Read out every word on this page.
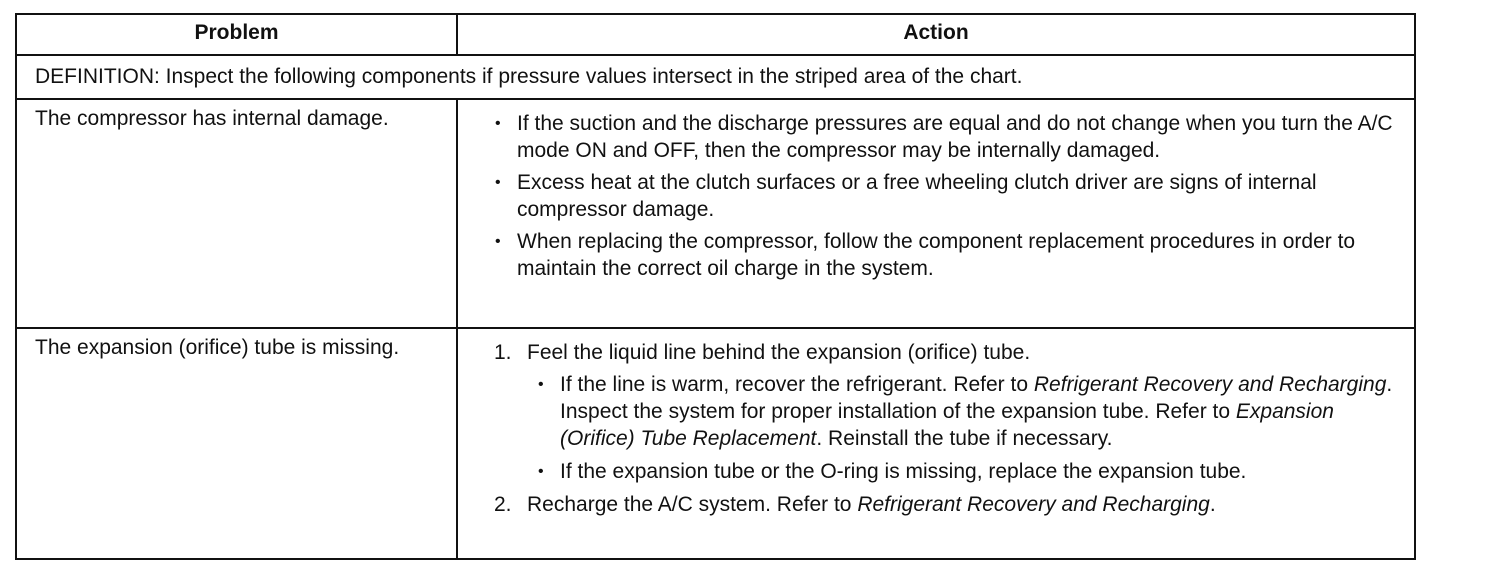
Problem	Action
DEFINITION: Inspect the following components if pressure values intersect in the striped area of the chart.
The compressor has internal damage.	• If the suction and the discharge pressures are equal and do not change when you turn the A/C mode ON and OFF, then the compressor may be internally damaged.
• Excess heat at the clutch surfaces or a free wheeling clutch driver are signs of internal compressor damage.
• When replacing the compressor, follow the component replacement procedures in order to maintain the correct oil charge in the system.
The expansion (orifice) tube is missing.	1. Feel the liquid line behind the expansion (orifice) tube.
• If the line is warm, recover the refrigerant. Refer to Refrigerant Recovery and Recharging. Inspect the system for proper installation of the expansion tube. Refer to Expansion (Orifice) Tube Replacement. Reinstall the tube if necessary.
• If the expansion tube or the O-ring is missing, replace the expansion tube.
2. Recharge the A/C system. Refer to Refrigerant Recovery and Recharging.
